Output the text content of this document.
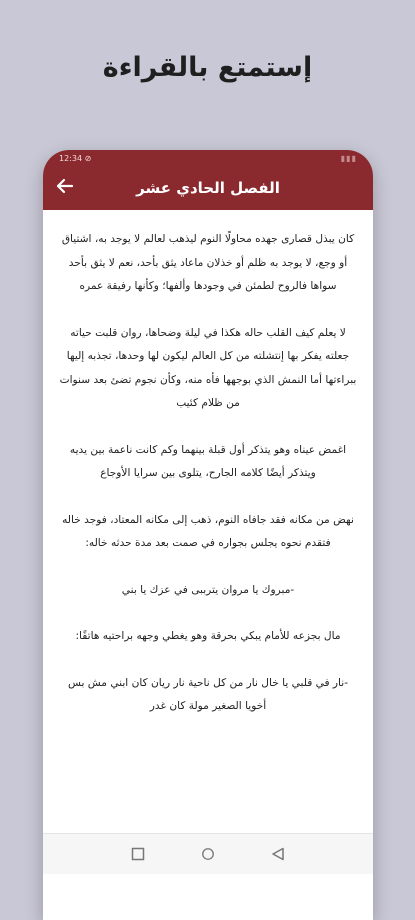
إستمتع بالقراءة
12:34 ⊘	▮▮▮
الفصل الحادي عشر

كان يبذل قصارى جهده محاولًا النوم ليذهب لعالم لا يوجد به، اشتياق أو وجع، لا يوجد به ظلم أو خذلان ماعاد يثق بأحد، نعم لا يثق بأحد سواها فالروح لطمئن في وجودها وألفها؛ وكأنها رفيقة عمره

لا يعلم كيف القلب حاله هكذا في ليلة وضحاها، روان قلبت حياته جعلته يفكر بها إنتشلته من كل العالم ليكون لها وحدها، تجذبه إليها ببراءتها أما النمش الذي بوجهها فأه منه، وكأن نجوم تضئ بعد سنوات من ظلام كئيب

اغمض عيناه وهو يتذكر أول قبلة بينهما وكم كانت ناعمة بين يديه ويتذكر أيضًا كلامه الجارح، يتلوى بين سرايا الأوجاع

نهض من مكانه فقد جافاه النوم، ذهب إلى مكانه المعتاد، فوجد خاله فتقدم نحوه يجلس بجواره في صمت بعد مدة حدثه خاله:

-مبروك يا مروان يترببى في عزك يا بني

مال بجزعه للأمام يبكي بحرقة وهو يغطي وجهه براحتيه هاتفًا:

-نار في قلبي يا خال نار من كل ناحية نار ريان كان ابني مش بس أخويا الصغير مولة كان غدر
